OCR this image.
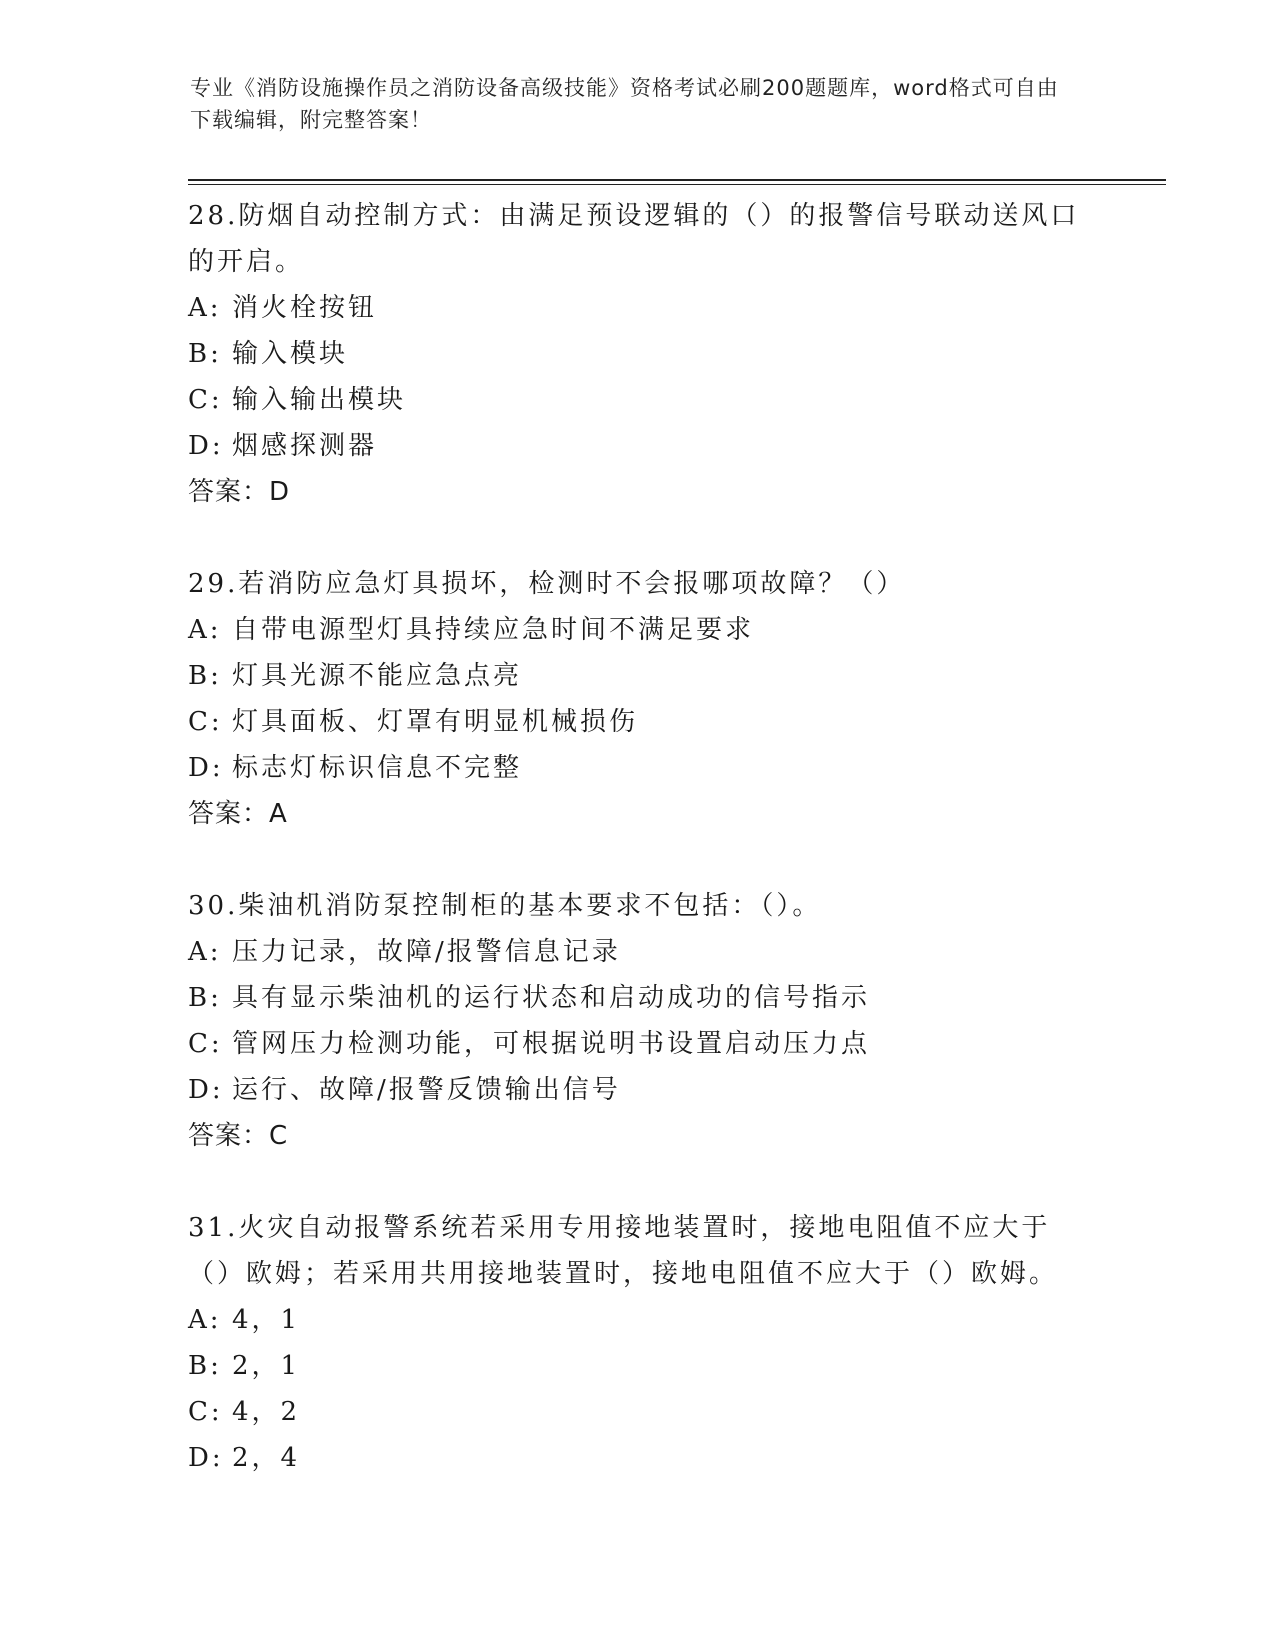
专业《消防设施操作员之消防设备高级技能》资格考试必刷200题题库，word格式可自由下载编辑，附完整答案！

28.防烟自动控制方式：由满足预设逻辑的（）的报警信号联动送风口的开启。

A: 消火栓按钮

B: 输入模块

C: 输入输出模块

D: 烟感探测器

答案：D

29.若消防应急灯具损坏，检测时不会报哪项故障？（）

A: 自带电源型灯具持续应急时间不满足要求

B: 灯具光源不能应急点亮

C: 灯具面板、灯罩有明显机械损伤

D: 标志灯标识信息不完整

答案：A

30.柴油机消防泵控制柜的基本要求不包括：（）。

A: 压力记录，故障/报警信息记录

B: 具有显示柴油机的运行状态和启动成功的信号指示

C: 管网压力检测功能，可根据说明书设置启动压力点

D: 运行、故障/报警反馈输出信号

答案：C

31.火灾自动报警系统若采用专用接地装置时，接地电阻值不应大于（）欧姆；若采用共用接地装置时，接地电阻值不应大于（）欧姆。

A: 4，1

B: 2，1

C: 4，2

D: 2，4
